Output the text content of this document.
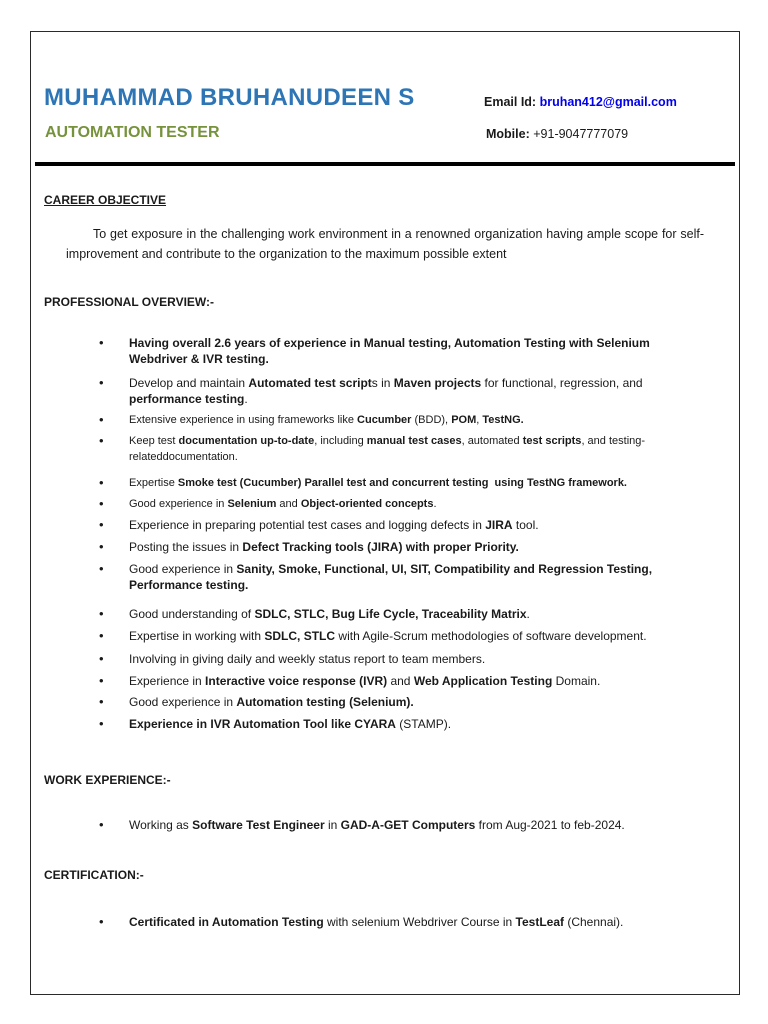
MUHAMMAD BRUHANUDEEN S
AUTOMATION TESTER
Email Id: bruhan412@gmail.com
Mobile: +91-9047777079
CAREER OBJECTIVE
To get exposure in the challenging work environment in a renowned organization having ample scope for self-improvement and contribute to the organization to the maximum possible extent
PROFESSIONAL OVERVIEW:-
• Having overall 2.6 years of experience in Manual testing, Automation Testing with Selenium Webdriver & IVR testing.
• Develop and maintain Automated test scripts in Maven projects for functional, regression, and performance testing.
• Extensive experience in using frameworks like Cucumber (BDD), POM, TestNG.
• Keep test documentation up-to-date, including manual test cases, automated test scripts, and testing-relateddocumentation.
• Expertise Smoke test (Cucumber) Parallel test and concurrent testing  using TestNG framework.
• Good experience in Selenium and Object-oriented concepts.
• Experience in preparing potential test cases and logging defects in JIRA tool.
• Posting the issues in Defect Tracking tools (JIRA) with proper Priority.
• Good experience in Sanity, Smoke, Functional, UI, SIT, Compatibility and Regression Testing, Performance testing.
• Good understanding of SDLC, STLC, Bug Life Cycle, Traceability Matrix.
• Expertise in working with SDLC, STLC with Agile-Scrum methodologies of software development.
• Involving in giving daily and weekly status report to team members.
• Experience in Interactive voice response (IVR) and Web Application Testing Domain.
• Good experience in Automation testing (Selenium).
• Experience in IVR Automation Tool like CYARA (STAMP).
WORK EXPERIENCE:-
• Working as Software Test Engineer in GAD-A-GET Computers from Aug-2021 to feb-2024.
CERTIFICATION:-
• Certificated in Automation Testing with selenium Webdriver Course in TestLeaf (Chennai).
